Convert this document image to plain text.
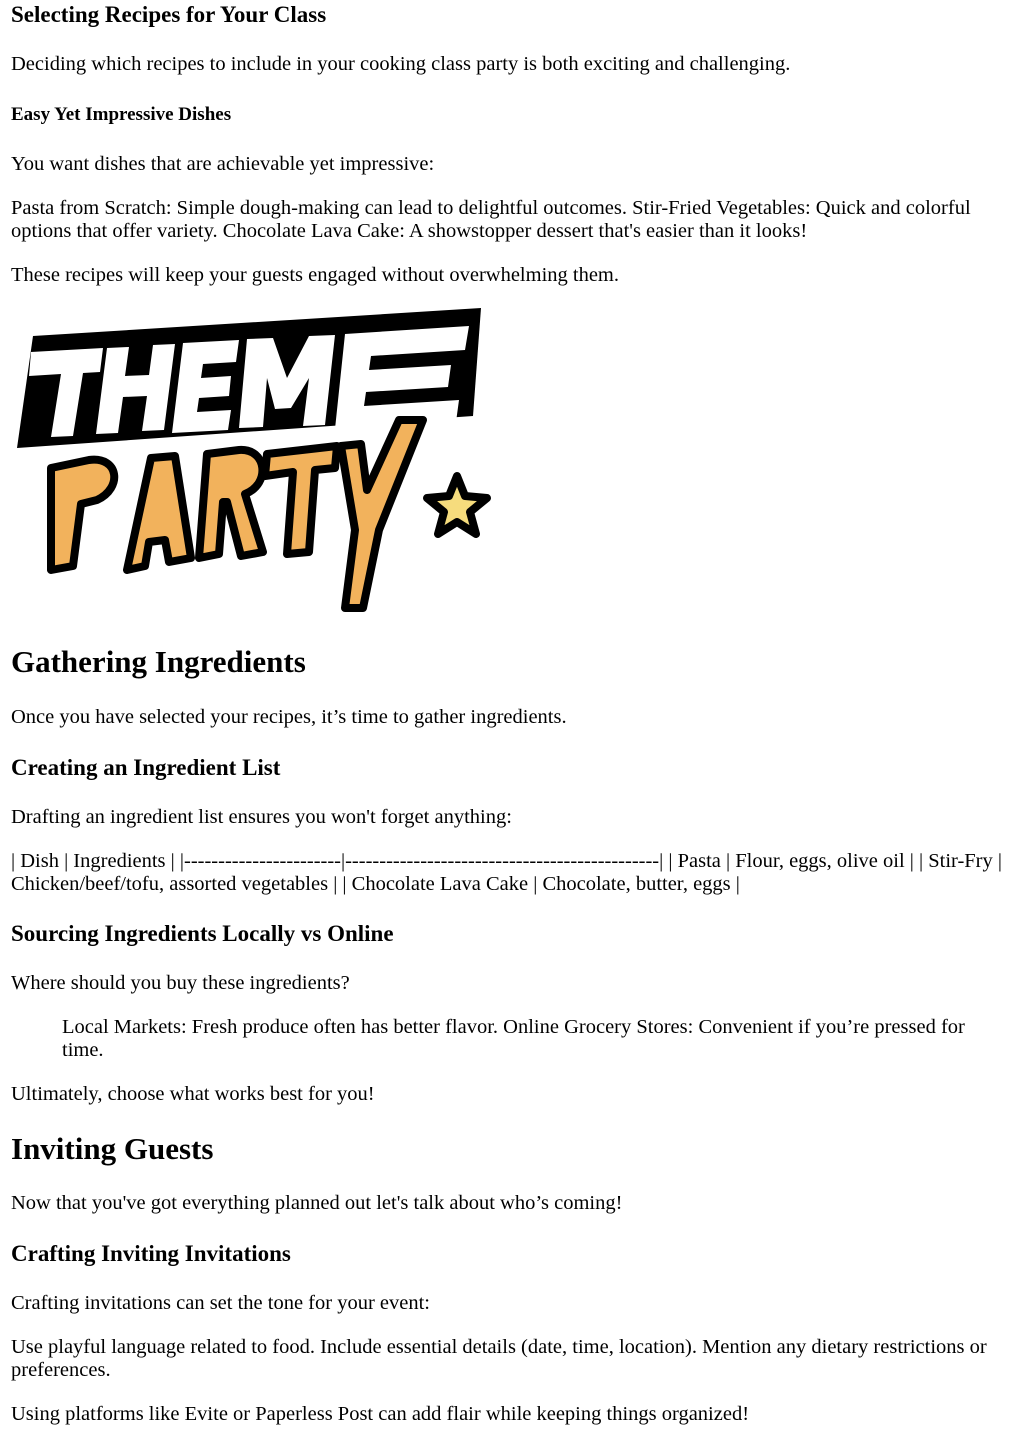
Selecting Recipes for Your Class

Deciding which recipes to include in your cooking class party is both exciting and challenging.

Easy Yet Impressive Dishes

You want dishes that are achievable yet impressive:

Pasta from Scratch: Simple dough-making can lead to delightful outcomes. Stir-Fried Vegetables: Quick and colorful options that offer variety. Chocolate Lava Cake: A showstopper dessert that's easier than it looks!

These recipes will keep your guests engaged without overwhelming them.

Gathering Ingredients

Once you have selected your recipes, it’s time to gather ingredients.

Creating an Ingredient List

Drafting an ingredient list ensures you won't forget anything:

| Dish | Ingredients | |-----------------------|----------------------------------------------| | Pasta | Flour, eggs, olive oil | | Stir-Fry | Chicken/beef/tofu, assorted vegetables | | Chocolate Lava Cake | Chocolate, butter, eggs |

Sourcing Ingredients Locally vs Online

Where should you buy these ingredients?

Local Markets: Fresh produce often has better flavor. Online Grocery Stores: Convenient if you’re pressed for time.

Ultimately, choose what works best for you!

Inviting Guests

Now that you've got everything planned out let's talk about who’s coming!

Crafting Inviting Invitations

Crafting invitations can set the tone for your event:

Use playful language related to food. Include essential details (date, time, location). Mention any dietary restrictions or preferences.

Using platforms like Evite or Paperless Post can add flair while keeping things organized!
